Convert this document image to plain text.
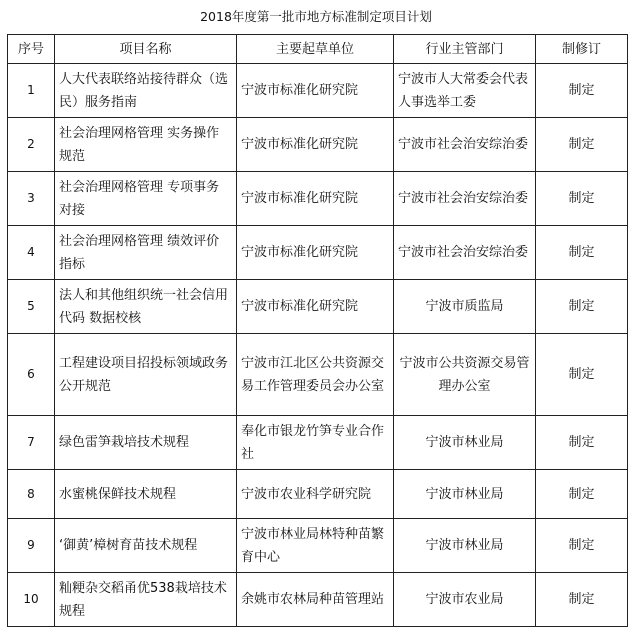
2018年度第一批市地方标准制定项目计划
序号	项目名称	主要起草单位	行业主管部门	制修订
1	人大代表联络站接待群众（选民）服务指南	宁波市标准化研究院	宁波市人大常委会代表人事选举工委	制定
2	社会治理网格管理 实务操作规范	宁波市标准化研究院	宁波市社会治安综治委	制定
3	社会治理网格管理 专项事务对接	宁波市标准化研究院	宁波市社会治安综治委	制定
4	社会治理网格管理 绩效评价指标	宁波市标准化研究院	宁波市社会治安综治委	制定
5	法人和其他组织统一社会信用代码 数据校核	宁波市标准化研究院	宁波市质监局	制定
6	工程建设项目招投标领域政务公开规范	宁波市江北区公共资源交易工作管理委员会办公室	宁波市公共资源交易管理办公室	制定
7	绿色雷笋栽培技术规程	奉化市银龙竹笋专业合作社	宁波市林业局	制定
8	水蜜桃保鲜技术规程	宁波市农业科学研究院	宁波市林业局	制定
9	‘御黄’樟树育苗技术规程	宁波市林业局林特种苗繁育中心	宁波市林业局	制定
10	籼粳杂交稻甬优538栽培技术规程	余姚市农林局种苗管理站	宁波市农业局	制定
